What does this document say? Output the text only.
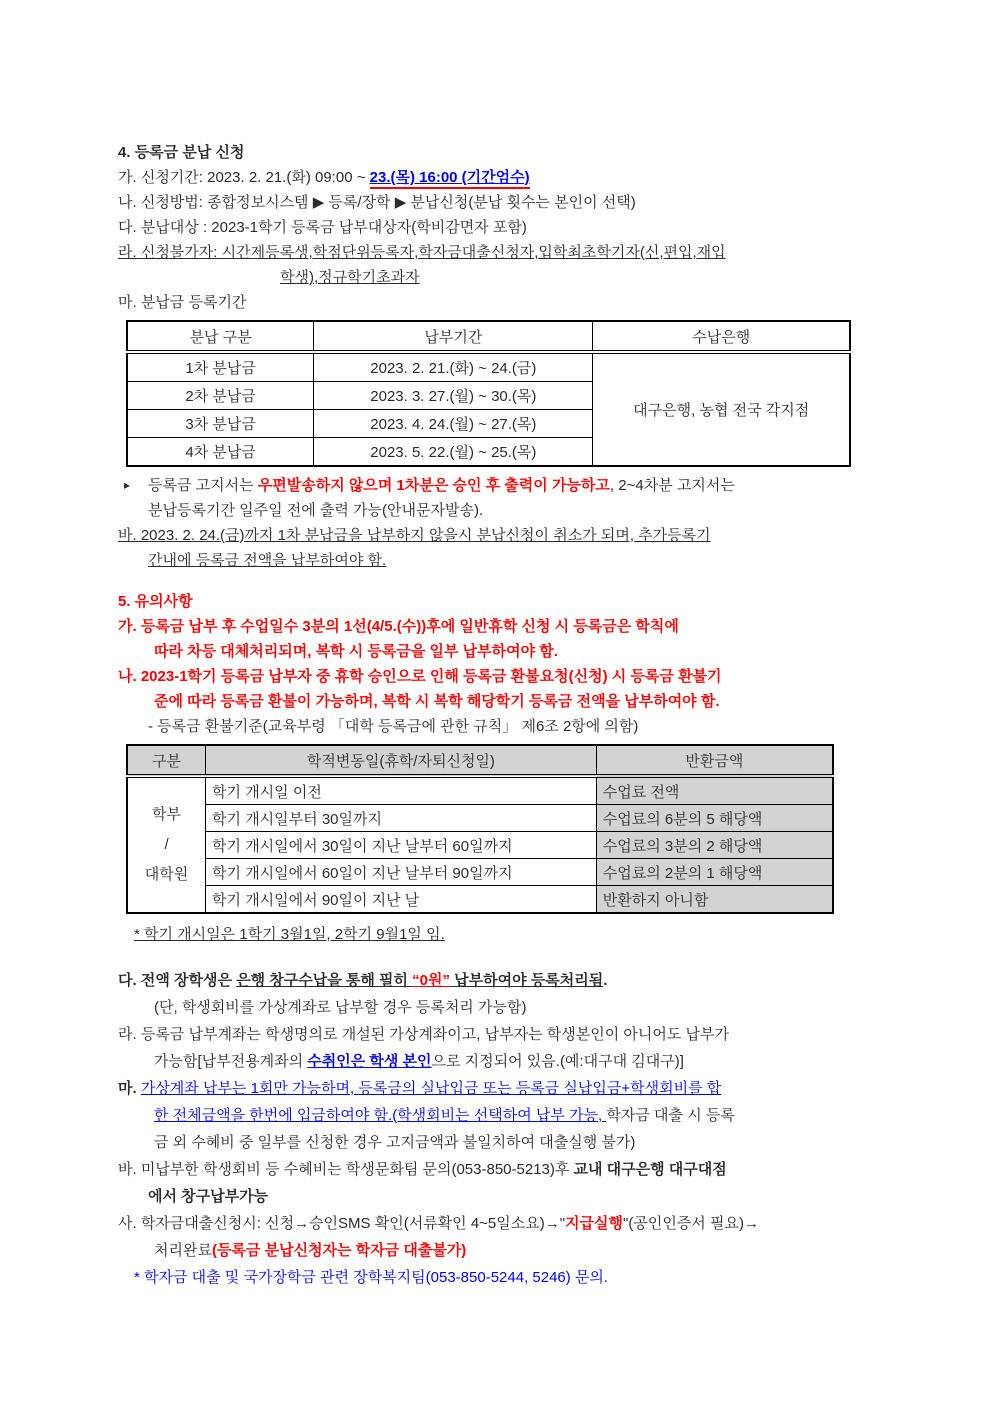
4. 등록금 분납 신청
가. 신청기간: 2023. 2. 21.(화) 09:00 ~ 23.(목) 16:00 (기간엄수)
나. 신청방법: 종합정보시스템 ▶ 등록/장학 ▶ 분납신청(분납 횟수는 본인이 선택)
다. 분납대상 : 2023-1학기 등록금 납부대상자(학비감면자 포함)
라. 신청불가자: 시간제등록생,학점단위등록자,학자금대출신청자,입학최초학기자(신,편입,재입
학생),정규학기초과자
마. 분납금 등록기간
분납 구분	납부기간	수납은행
1차 분납금	2023. 2. 21.(화) ~ 24.(금)	대구은행, 농협 전국 각지점
2차 분납금	2023. 3. 27.(월) ~ 30.(목)	
3차 분납금	2023. 4. 24.(월) ~ 27.(목)	
4차 분납금	2023. 5. 22.(월) ~ 25.(목)	
▸ 등록금 고지서는 우편발송하지 않으며 1차분은 승인 후 출력이 가능하고, 2~4차분 고지서는
분납등록기간 일주일 전에 출력 가능(안내문자발송).
바. 2023. 2. 24.(금)까지 1차 분납금을 납부하지 않을시 분납신청이 취소가 되며, 추가등록기
간내에 등록금 전액을 납부하여야 함.
5. 유의사항
가. 등록금 납부 후 수업일수 3분의 1선(4/5.(수))후에 일반휴학 신청 시 등록금은 학칙에
따라 차등 대체처리되며, 복학 시 등록금을 일부 납부하여야 함.
나. 2023-1학기 등록금 납부자 중 휴학 승인으로 인해 등록금 환불요청(신청) 시 등록금 환불기
준에 따라 등록금 환불이 가능하며, 복학 시 복학 해당학기 등록금 전액을 납부하여야 함.
- 등록금 환불기준(교육부령 「대학 등록금에 관한 규칙」 제6조 2항에 의함)
구분	학적변동일(휴학/자퇴신청일)	반환금액

학부
/
대학원	학기 개시일 이전	수업료 전액
	학기 개시일부터 30일까지	수업료의 6분의 5 해당액
	학기 개시일에서 30일이 지난 날부터 60일까지	수업료의 3분의 2 해당액
	학기 개시일에서 60일이 지난 날부터 90일까지	수업료의 2분의 1 해당액
	학기 개시일에서 90일이 지난 날	반환하지 아니함
* 학기 개시일은 1학기 3월1일, 2학기 9월1일 임.
다. 전액 장학생은 은행 창구수납을 통해 필히 “0원” 납부하여야 등록처리됨.
(단, 학생회비를 가상계좌로 납부할 경우 등록처리 가능함)
라. 등록금 납부계좌는 학생명의로 개설된 가상계좌이고, 납부자는 학생본인이 아니어도 납부가
가능함[납부전용계좌의 수취인은 학생 본인으로 지정되어 있음.(예:대구대 김대구)]
마. 가상계좌 납부는 1회만 가능하며, 등록금의 실납입금 또는 등록금 실납입금+학생회비를 합
한 전체금액을 한번에 입금하여야 함.(학생회비는 선택하여 납부 가능, 학자금 대출 시 등록
금 외 수혜비 중 일부를 신청한 경우 고지금액과 불일치하여 대출실행 불가)
바. 미납부한 학생회비 등 수혜비는 학생문화팀 문의(053-850-5213)후 교내 대구은행 대구대점
에서 창구납부가능
사. 학자금대출신청시: 신청→승인SMS 확인(서류확인 4~5일소요)→"지급실행"(공인인증서 필요)→
처리완료(등록금 분납신청자는 학자금 대출불가)
* 학자금 대출 및 국가장학금 관련 장학복지팀(053-850-5244, 5246) 문의.
